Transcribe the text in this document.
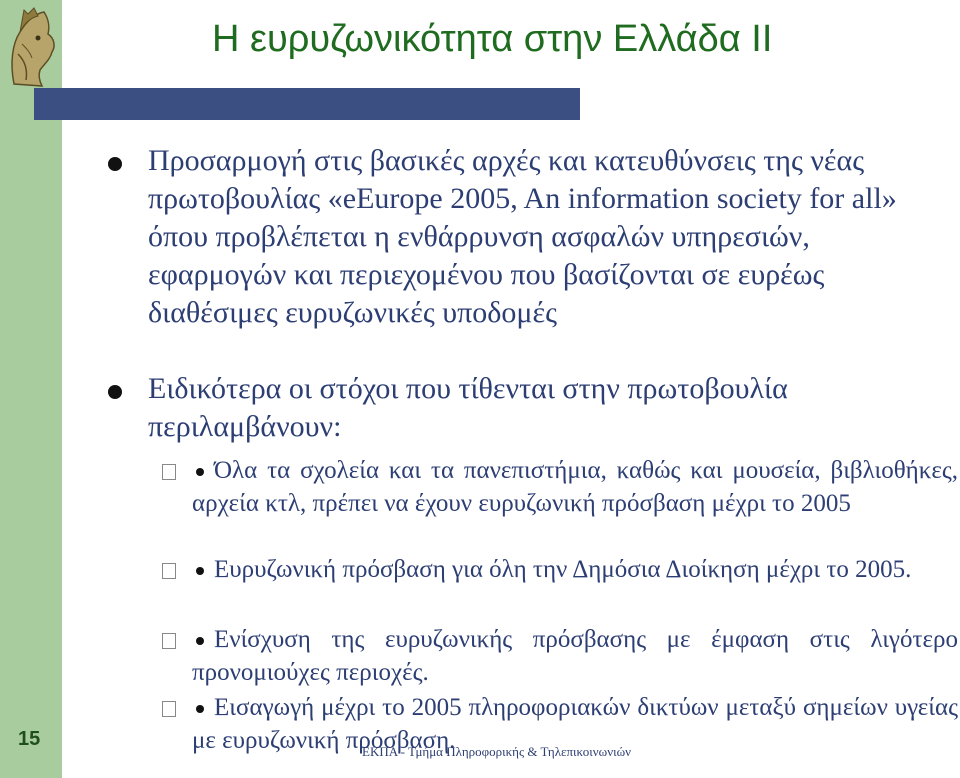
Η ευρυζωνικότητα στην Ελλάδα ΙΙ
Προσαρμογή στις βασικές αρχές και κατευθύνσεις της νέας πρωτοβουλίας «eEurope 2005, An information society for all» όπου προβλέπεται η ενθάρρυνση ασφαλών υπηρεσιών, εφαρμογών και περιεχομένου που βασίζονται σε ευρέως διαθέσιμες ευρυζωνικές υποδομές
Ειδικότερα οι στόχοι που τίθενται στην πρωτοβουλία περιλαμβάνουν:
Όλα τα σχολεία και τα πανεπιστήμια, καθώς και μουσεία, βιβλιοθήκες, αρχεία κτλ, πρέπει να έχουν ευρυζωνική πρόσβαση μέχρι το 2005
Ευρυζωνική πρόσβαση για όλη την Δημόσια Διοίκηση μέχρι το 2005.
Ενίσχυση της ευρυζωνικής πρόσβασης με έμφαση στις λιγότερο προνομιούχες περιοχές.
Εισαγωγή μέχρι το 2005 πληροφοριακών δικτύων μεταξύ σημείων υγείας με ευρυζωνική πρόσβαση.
15
ΕΚΠΑ - Τμήμα Πληροφορικής & Τηλεπικοινωνιών
